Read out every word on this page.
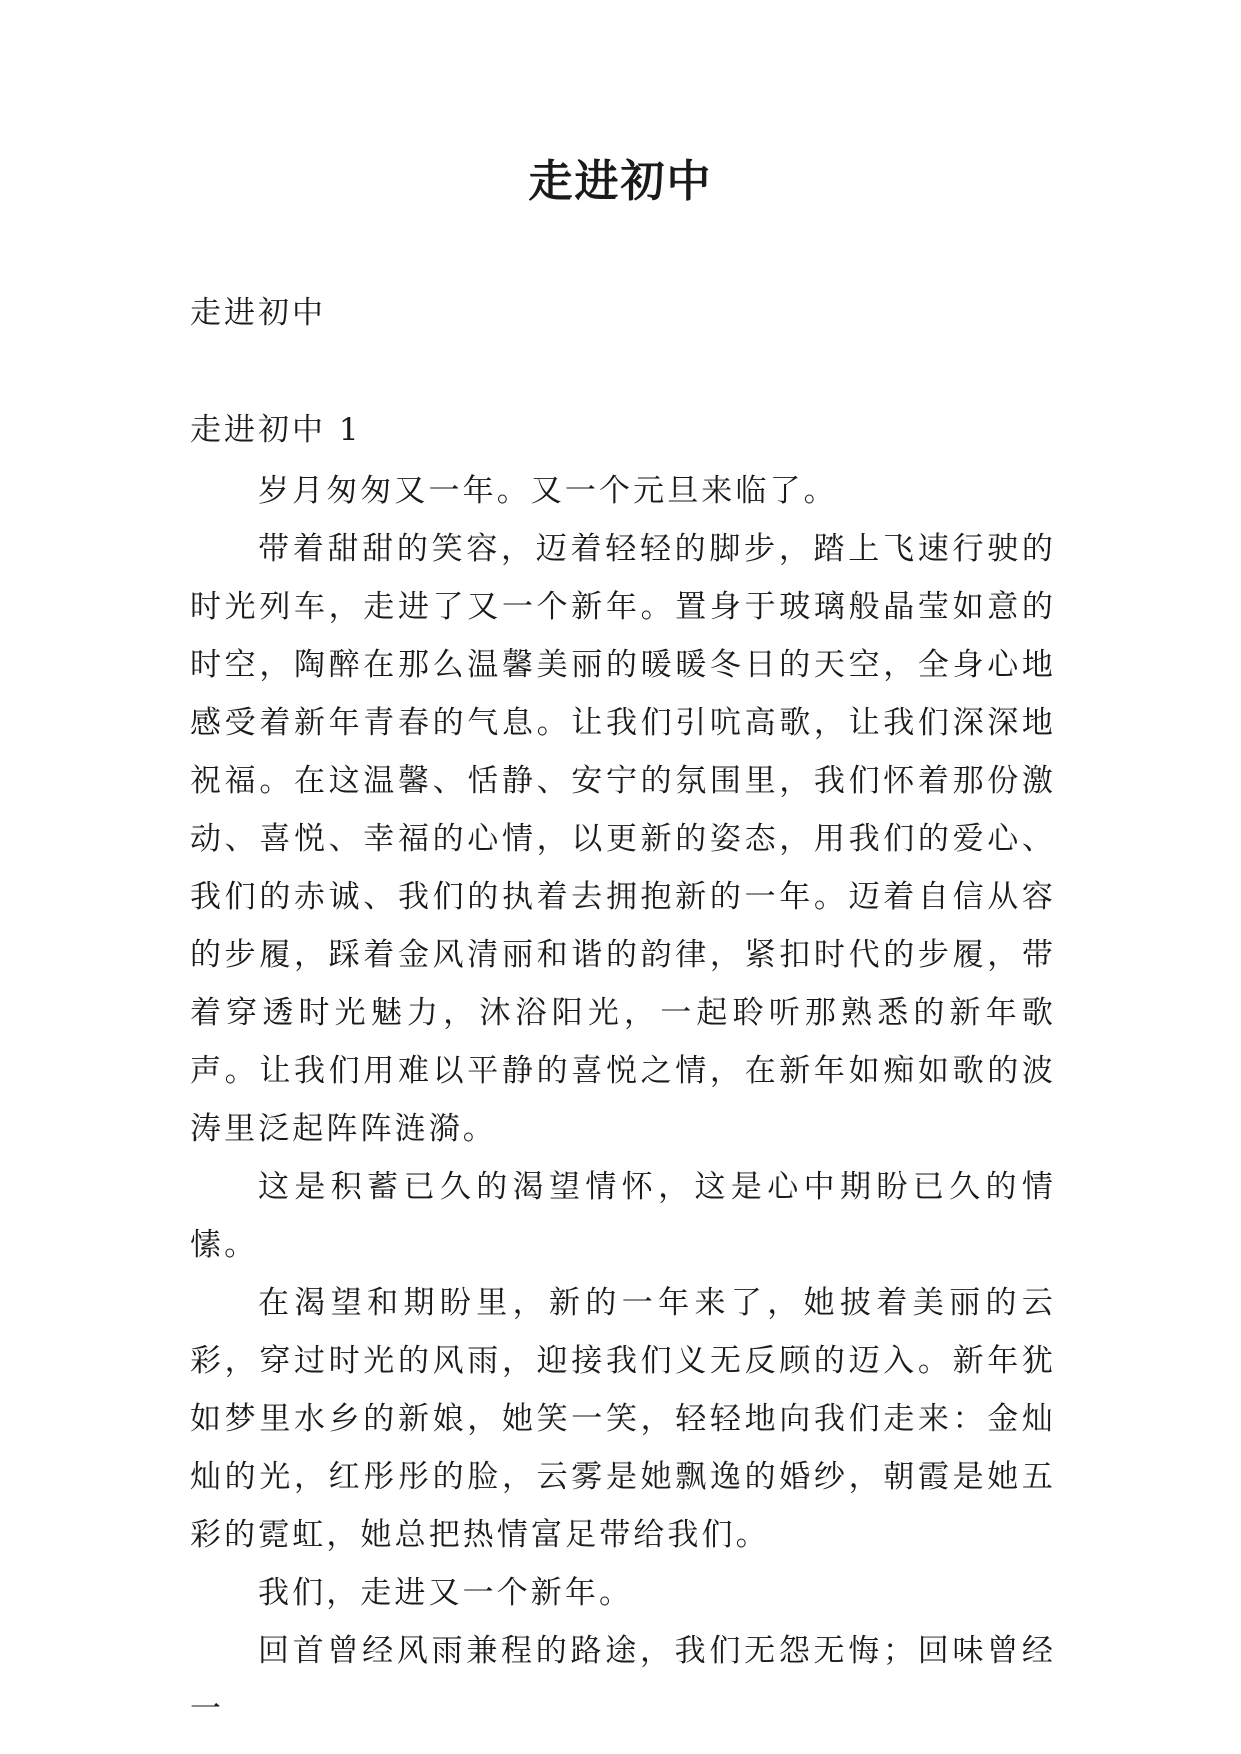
走进初中

走进初中

走进初中 1

岁月匆匆又一年。又一个元旦来临了。

带着甜甜的笑容，迈着轻轻的脚步，踏上飞速行驶的时光列车，走进了又一个新年。置身于玻璃般晶莹如意的时空，陶醉在那么温馨美丽的暖暖冬日的天空，全身心地感受着新年青春的气息。让我们引吭高歌，让我们深深地祝福。在这温馨、恬静、安宁的氛围里，我们怀着那份激动、喜悦、幸福的心情，以更新的姿态，用我们的爱心、我们的赤诚、我们的执着去拥抱新的一年。迈着自信从容的步履，踩着金风清丽和谐的韵律，紧扣时代的步履，带着穿透时光魅力，沐浴阳光，一起聆听那熟悉的新年歌声。让我们用难以平静的喜悦之情，在新年如痴如歌的波涛里泛起阵阵涟漪。

这是积蓄已久的渴望情怀，这是心中期盼已久的情愫。

在渴望和期盼里，新的一年来了，她披着美丽的云彩，穿过时光的风雨，迎接我们义无反顾的迈入。新年犹如梦里水乡的新娘，她笑一笑，轻轻地向我们走来：金灿灿的光，红彤彤的脸，云雾是她飘逸的婚纱，朝霞是她五彩的霓虹，她总把热情富足带给我们。

我们，走进又一个新年。

回首曾经风雨兼程的路途，我们无怨无悔；回味曾经一
